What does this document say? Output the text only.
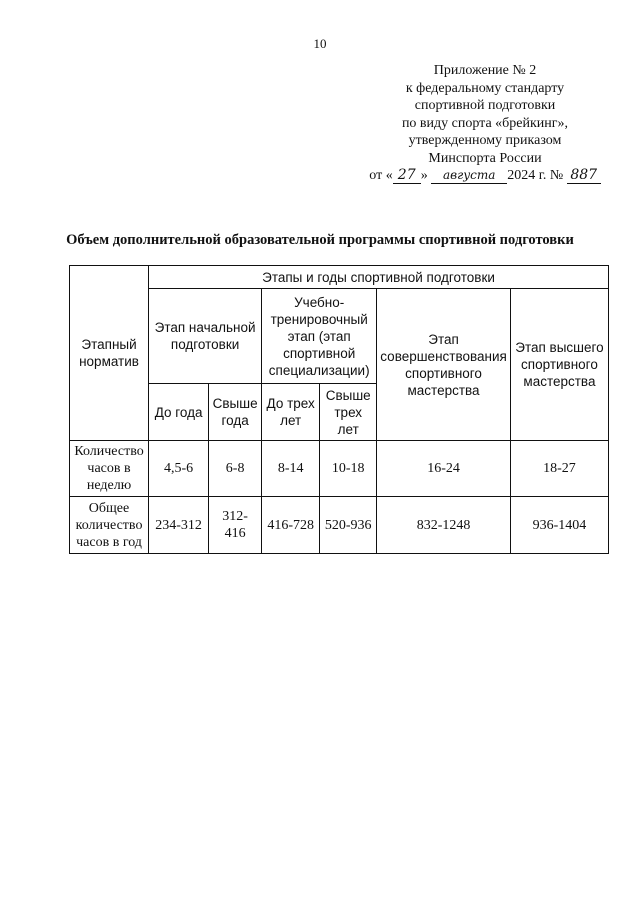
10
Приложение № 2
к федеральному стандарту
спортивной подготовки
по виду спорта «брейкинг»,
утвержденному приказом
Минспорта России
от « 27 » августа 2024 г. № 887
Объем дополнительной образовательной программы спортивной подготовки
Этапный норматив	Этапы и годы спортивной подготовки					
	Этап начальной подготовки		Учебно-тренировочный этап (этап спортивной специализации)		Этап совершенствования спортивного мастерства	Этап высшего спортивного мастерства
	До года	Свыше года	До трех лет	Свыше трех лет		
Количество часов в неделю	4,5-6	6-8	8-14	10-18	16-24	18-27
Общее количество часов в год	234-312	312-416	416-728	520-936	832-1248	936-1404
